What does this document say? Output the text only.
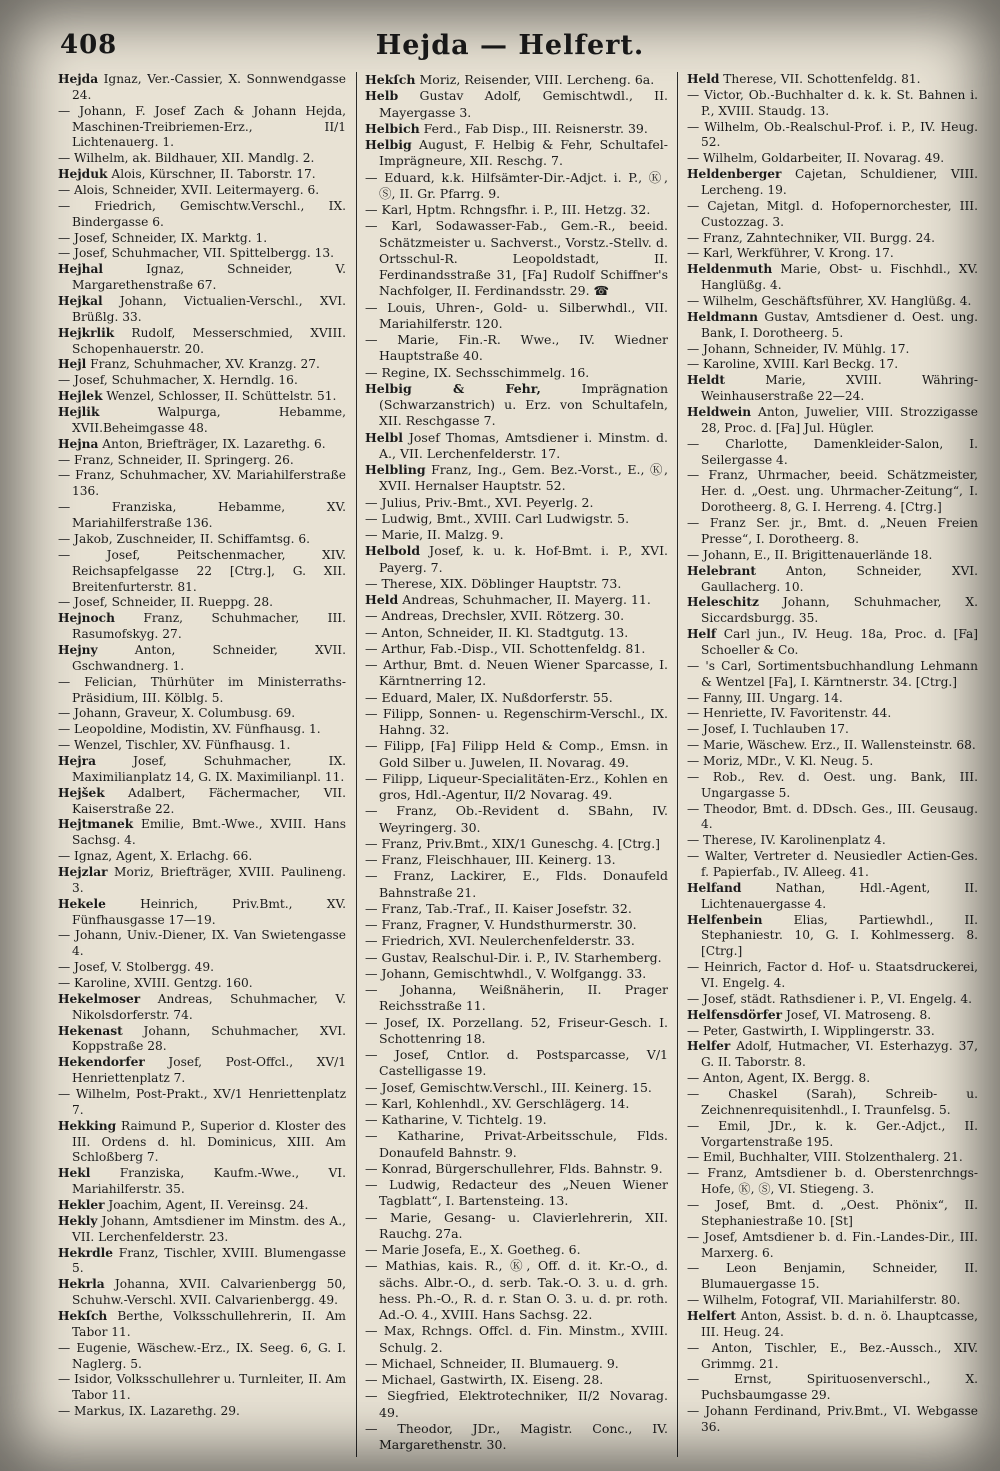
408	Hejda — Helfert.

Hejda Ignaz, Ver.-Cassier, X. Sonnwendgasse 24.

— Johann, F. Josef Zach & Johann Hejda, Maschinen-Treibriemen-Erz., II/1 Lichtenauerg. 1.

— Wilhelm, ak. Bildhauer, XII. Mandlg. 2.

Hejduk Alois, Kürschner, II. Taborstr. 17.

— Alois, Schneider, XVII. Leitermayerg. 6.

— Friedrich, Gemischtw.Verschl., IX. Bindergasse 6.

— Josef, Schneider, IX. Marktg. 1.

— Josef, Schuhmacher, VII. Spittelbergg. 13.

Hejhal Ignaz, Schneider, V. Margarethenstraße 67.

Hejkal Johann, Victualien-Verschl., XVI. Brüßlg. 33.

Hejkrlik Rudolf, Messerschmied, XVIII. Schopenhauerstr. 20.

Hejl Franz, Schuhmacher, XV. Kranzg. 27.

— Josef, Schuhmacher, X. Herndlg. 16.

Hejlek Wenzel, Schlosser, II. Schüttelstr. 51.

Hejlik Walpurga, Hebamme, XVII.Beheimgasse 48.

Hejna Anton, Briefträger, IX. Lazarethg. 6.

— Franz, Schneider, II. Springerg. 26.

— Franz, Schuhmacher, XV. Mariahilferstraße 136.

— Franziska, Hebamme, XV. Mariahilferstraße 136.

— Jakob, Zuschneider, II. Schiffamtsg. 6.

— Josef, Peitschenmacher, XIV. Reichsapfelgasse 22 [Ctrg.], G. XII. Breitenfurterstr. 81.

— Josef, Schneider, II. Rueppg. 28.

Hejnoch Franz, Schuhmacher, III. Rasumofskyg. 27.

Hejny Anton, Schneider, XVII. Gschwandnerg. 1.

— Felician, Thürhüter im Ministerraths-Präsidium, III. Kölblg. 5.

— Johann, Graveur, X. Columbusg. 69.

— Leopoldine, Modistin, XV. Fünfhausg. 1.

— Wenzel, Tischler, XV. Fünfhausg. 1.

Hejra Josef, Schuhmacher, IX. Maximilianplatz 14, G. IX. Maximilianpl. 11.

Hejšek Adalbert, Fächermacher, VII. Kaiserstraße 22.

Hejtmanek Emilie, Bmt.-Wwe., XVIII. Hans Sachsg. 4.

— Ignaz, Agent, X. Erlachg. 66.

Hejzlar Moriz, Briefträger, XVIII. Paulineng. 3.

Hekele Heinrich, Priv.Bmt., XV. Fünfhausgasse 17—19.

— Johann, Univ.-Diener, IX. Van Swietengasse 4.

— Josef, V. Stolbergg. 49.

— Karoline, XVIII. Gentzg. 160.

Hekelmoser Andreas, Schuhmacher, V. Nikolsdorferstr. 74.

Hekenast Johann, Schuhmacher, XVI. Koppstraße 28.

Hekendorfer Josef, Post-Offcl., XV/1 Henriettenplatz 7.

— Wilhelm, Post-Prakt., XV/1 Henriettenplatz 7.

Hekking Raimund P., Superior d. Kloster des III. Ordens d. hl. Dominicus, XIII. Am Schloßberg 7.

Hekl Franziska, Kaufm.-Wwe., VI. Mariahilferstr. 35.

Hekler Joachim, Agent, II. Vereinsg. 24.

Hekly Johann, Amtsdiener im Minstm. des A., VII. Lerchenfelderstr. 23.

Hekrdle Franz, Tischler, XVIII. Blumengasse 5.

Hekrla Johanna, XVII. Calvarienbergg 50, Schuhw.-Verschl. XVII. Calvarienbergg. 49.

Hekſch Berthe, Volksschullehrerin, II. Am Tabor 11.

— Eugenie, Wäschew.-Erz., IX. Seeg. 6, G. I. Naglerg. 5.

— Isidor, Volksschullehrer u. Turnleiter, II. Am Tabor 11.

— Markus, IX. Lazarethg. 29.

Hekſch Moriz, Reisender, VIII. Lercheng. 6a.

Helb Gustav Adolf, Gemischtwdl., II. Mayergasse 3.

Helbich Ferd., Fab Disp., III. Reisnerstr. 39.

Helbig August, F. Helbig & Fehr, Schultafel-Imprägneure, XII. Reschg. 7.

— Eduard, k.k. Hilfsämter-Dir.-Adjct. i. P., Ⓚ, Ⓢ, II. Gr. Pfarrg. 9.

— Karl, Hptm. Rchngsfhr. i. P., III. Hetzg. 32.

— Karl, Sodawasser-Fab., Gem.-R., beeid. Schätzmeister u. Sachverst., Vorstz.-Stellv. d. Ortsschul-R. Leopoldstadt, II. Ferdinandsstraße 31, [Fa] Rudolf Schiffner's Nachfolger, II. Ferdinandsstr. 29. ☎

— Louis, Uhren-, Gold- u. Silberwhdl., VII. Mariahilferstr. 120.

— Marie, Fin.-R. Wwe., IV. Wiedner Hauptstraße 40.

— Regine, IX. Sechsschimmelg. 16.

Helbig & Fehr, Imprägnation (Schwarzanstrich) u. Erz. von Schultafeln, XII. Reschgasse 7.

Helbl Josef Thomas, Amtsdiener i. Minstm. d. A., VII. Lerchenfelderstr. 17.

Helbling Franz, Ing., Gem. Bez.-Vorst., E., Ⓚ, XVII. Hernalser Hauptstr. 52.

— Julius, Priv.-Bmt., XVI. Peyerlg. 2.

— Ludwig, Bmt., XVIII. Carl Ludwigstr. 5.

— Marie, II. Malzg. 9.

Helbold Josef, k. u. k. Hof-Bmt. i. P., XVI. Payerg. 7.

— Therese, XIX. Döblinger Hauptstr. 73.

Held Andreas, Schuhmacher, II. Mayerg. 11.

— Andreas, Drechsler, XVII. Rötzerg. 30.

— Anton, Schneider, II. Kl. Stadtgutg. 13.

— Arthur, Fab.-Disp., VII. Schottenfeldg. 81.

— Arthur, Bmt. d. Neuen Wiener Sparcasse, I. Kärntnerring 12.

— Eduard, Maler, IX. Nußdorferstr. 55.

— Filipp, Sonnen- u. Regenschirm-Verschl., IX. Hahng. 32.

— Filipp, [Fa] Filipp Held & Comp., Emsn. in Gold Silber u. Juwelen, II. Novarag. 49.

— Filipp, Liqueur-Specialitäten-Erz., Kohlen en gros, Hdl.-Agentur, II/2 Novarag. 49.

— Franz, Ob.-Revident d. SBahn, IV. Weyringerg. 30.

— Franz, Priv.Bmt., XIX/1 Guneschg. 4. [Ctrg.]

— Franz, Fleischhauer, III. Keinerg. 13.

— Franz, Lackirer, E., Flds. Donaufeld Bahnstraße 21.

— Franz, Tab.-Traf., II. Kaiser Josefstr. 32.

— Franz, Fragner, V. Hundsthurmerstr. 30.

— Friedrich, XVI. Neulerchenfelderstr. 33.

— Gustav, Realschul-Dir. i. P., IV. Starhemberg.

— Johann, Gemischtwhdl., V. Wolfgangg. 33.

— Johanna, Weißnäherin, II. Prager Reichsstraße 11.

— Josef, IX. Porzellang. 52, Friseur-Gesch. I. Schottenring 18.

— Josef, Cntlor. d. Postsparcasse, V/1 Castelligasse 19.

— Josef, Gemischtw.Verschl., III. Keinerg. 15.

— Karl, Kohlenhdl., XV. Gerschlägerg. 14.

— Katharine, V. Tichtelg. 19.

— Katharine, Privat-Arbeitsschule, Flds. Donaufeld Bahnstr. 9.

— Konrad, Bürgerschullehrer, Flds. Bahnstr. 9.

— Ludwig, Redacteur des „Neuen Wiener Tagblatt“, I. Bartensteing. 13.

— Marie, Gesang- u. Clavierlehrerin, XII. Rauchg. 27a.

— Marie Josefa, E., X. Goetheg. 6.

— Mathias, kais. R., Ⓚ, Off. d. it. Kr.-O., d. sächs. Albr.-O., d. serb. Tak.-O. 3. u. d. grh. hess. Ph.-O., R. d. r. Stan O. 3. u. d. pr. roth. Ad.-O. 4., XVIII. Hans Sachsg. 22.

— Max, Rchngs. Offcl. d. Fin. Minstm., XVIII. Schulg. 2.

— Michael, Schneider, II. Blumauerg. 9.

— Michael, Gastwirth, IX. Eiseng. 28.

— Siegfried, Elektrotechniker, II/2 Novarag. 49.

— Theodor, JDr., Magistr. Conc., IV. Margarethenstr. 30.

Held Therese, VII. Schottenfeldg. 81.

— Victor, Ob.-Buchhalter d. k. k. St. Bahnen i. P., XVIII. Staudg. 13.

— Wilhelm, Ob.-Realschul-Prof. i. P., IV. Heug. 52.

— Wilhelm, Goldarbeiter, II. Novarag. 49.

Heldenberger Cajetan, Schuldiener, VIII. Lercheng. 19.

— Cajetan, Mitgl. d. Hofopernorchester, III. Custozzag. 3.

— Franz, Zahntechniker, VII. Burgg. 24.

— Karl, Werkführer, V. Krong. 17.

Heldenmuth Marie, Obst- u. Fischhdl., XV. Hanglüßg. 4.

— Wilhelm, Geschäftsführer, XV. Hanglüßg. 4.

Heldmann Gustav, Amtsdiener d. Oest. ung. Bank, I. Dorotheerg. 5.

— Johann, Schneider, IV. Mühlg. 17.

— Karoline, XVIII. Karl Beckg. 17.

Heldt Marie, XVIII. Währing-Weinhauserstraße 22—24.

Heldwein Anton, Juwelier, VIII. Strozzigasse 28, Proc. d. [Fa] Jul. Hügler.

— Charlotte, Damenkleider-Salon, I. Seilergasse 4.

— Franz, Uhrmacher, beeid. Schätzmeister, Her. d. „Oest. ung. Uhrmacher-Zeitung“, I. Dorotheerg. 8, G. I. Herreng. 4. [Ctrg.]

— Franz Ser. jr., Bmt. d. „Neuen Freien Presse“, I. Dorotheerg. 8.

— Johann, E., II. Brigittenauerlände 18.

Helebrant Anton, Schneider, XVI. Gaullacherg. 10.

Heleschitz Johann, Schuhmacher, X. Siccardsburgg. 35.

Helf Carl jun., IV. Heug. 18a, Proc. d. [Fa] Schoeller & Co.

— 's Carl, Sortimentsbuchhandlung Lehmann & Wentzel [Fa], I. Kärntnerstr. 34. [Ctrg.]

— Fanny, III. Ungarg. 14.

— Henriette, IV. Favoritenstr. 44.

— Josef, I. Tuchlauben 17.

— Marie, Wäschew. Erz., II. Wallensteinstr. 68.

— Moriz, MDr., V. Kl. Neug. 5.

— Rob., Rev. d. Oest. ung. Bank, III. Ungargasse 5.

— Theodor, Bmt. d. DDsch. Ges., III. Geusaug. 4.

— Therese, IV. Karolinenplatz 4.

— Walter, Vertreter d. Neusiedler Actien-Ges. f. Papierfab., IV. Alleeg. 41.

Helfand Nathan, Hdl.-Agent, II. Lichtenauergasse 4.

Helfenbein Elias, Partiewhdl., II. Stephaniestr. 10, G. I. Kohlmesserg. 8. [Ctrg.]

— Heinrich, Factor d. Hof- u. Staatsdruckerei, VI. Engelg. 4.

— Josef, städt. Rathsdiener i. P., VI. Engelg. 4.

Helfensdörfer Josef, VI. Matroseng. 8.

— Peter, Gastwirth, I. Wipplingerstr. 33.

Helfer Adolf, Hutmacher, VI. Esterhazyg. 37, G. II. Taborstr. 8.

— Anton, Agent, IX. Bergg. 8.

— Chaskel (Sarah), Schreib- u. Zeichnenrequisitenhdl., I. Traunfelsg. 5.

— Emil, JDr., k. k. Ger.-Adjct., II. Vorgartenstraße 195.

— Emil, Buchhalter, VIII. Stolzenthalerg. 21.

— Franz, Amtsdiener b. d. Oberstenrchngs-Hofe, Ⓚ, Ⓢ, VI. Stiegeng. 3.

— Josef, Bmt. d. „Oest. Phönix“, II. Stephaniestraße 10. [St]

— Josef, Amtsdiener b. d. Fin.-Landes-Dir., III. Marxerg. 6.

— Leon Benjamin, Schneider, II. Blumauergasse 15.

— Wilhelm, Fotograf, VII. Mariahilferstr. 80.

Helfert Anton, Assist. b. d. n. ö. Lhauptcasse, III. Heug. 24.

— Anton, Tischler, E., Bez.-Aussch., XIV. Grimmg. 21.

— Ernst, Spirituosenverschl., X. Puchsbaumgasse 29.

— Johann Ferdinand, Priv.Bmt., VI. Webgasse 36.
